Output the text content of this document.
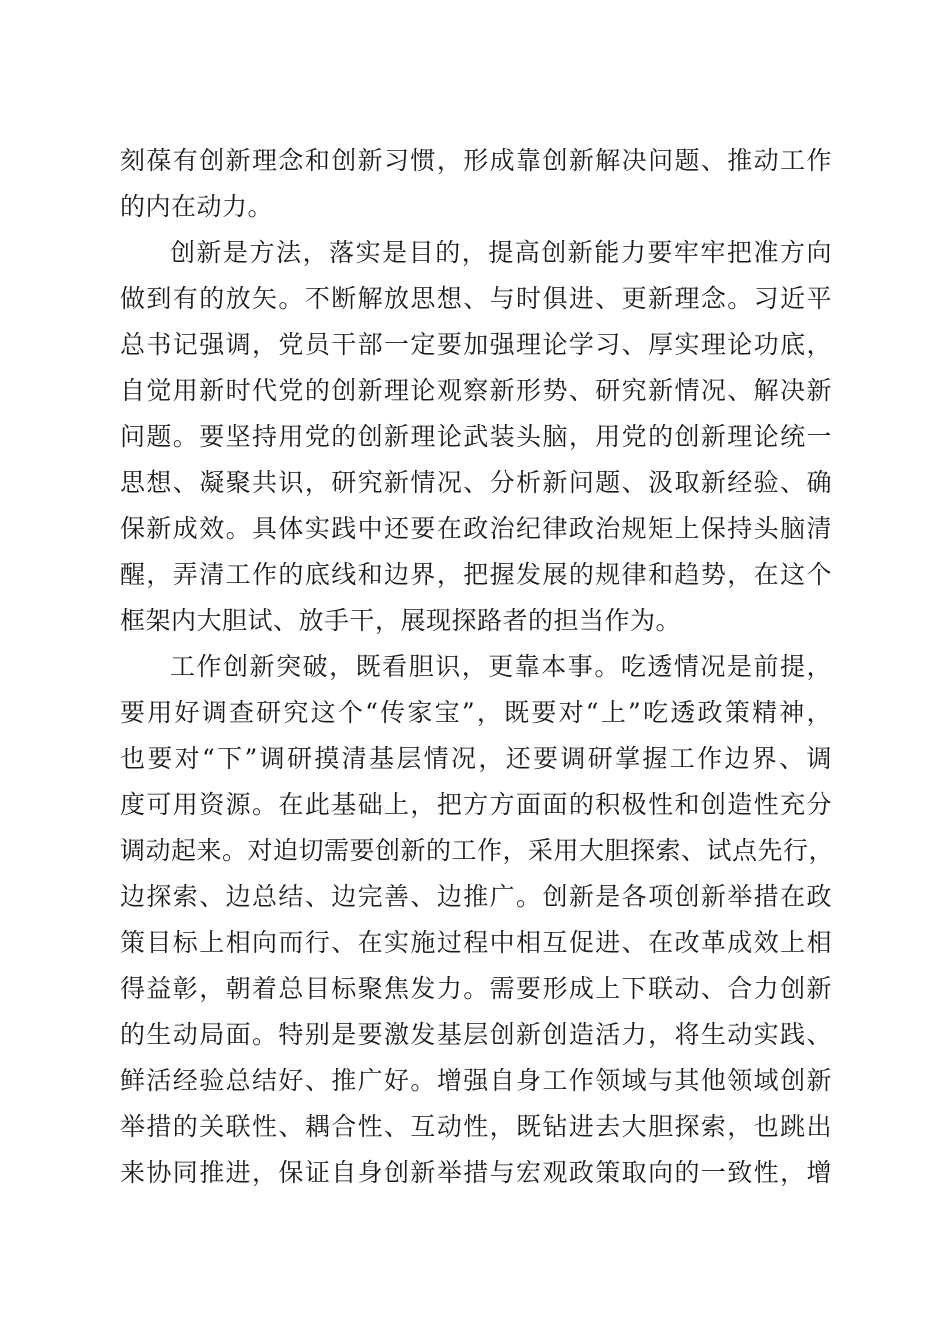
刻葆有创新理念和创新习惯，形成靠创新解决问题、推动工作
的内在动力。
创新是方法，落实是目的，提高创新能力要牢牢把准方向
做到有的放矢。不断解放思想、与时俱进、更新理念。习近平
总书记强调，党员干部一定要加强理论学习、厚实理论功底，
自觉用新时代党的创新理论观察新形势、研究新情况、解决新
问题。要坚持用党的创新理论武装头脑，用党的创新理论统一
思想、凝聚共识，研究新情况、分析新问题、汲取新经验、确
保新成效。具体实践中还要在政治纪律政治规矩上保持头脑清
醒，弄清工作的底线和边界，把握发展的规律和趋势，在这个
框架内大胆试、放手干，展现探路者的担当作为。
工作创新突破，既看胆识，更靠本事。吃透情况是前提，
要用好调查研究这个“传家宝”，既要对“上”吃透政策精神，
也要对“下”调研摸清基层情况，还要调研掌握工作边界、调
度可用资源。在此基础上，把方方面面的积极性和创造性充分
调动起来。对迫切需要创新的工作，采用大胆探索、试点先行，
边探索、边总结、边完善、边推广。创新是各项创新举措在政
策目标上相向而行、在实施过程中相互促进、在改革成效上相
得益彰，朝着总目标聚焦发力。需要形成上下联动、合力创新
的生动局面。特别是要激发基层创新创造活力，将生动实践、
鲜活经验总结好、推广好。增强自身工作领域与其他领域创新
举措的关联性、耦合性、互动性，既钻进去大胆探索，也跳出
来协同推进，保证自身创新举措与宏观政策取向的一致性，增
